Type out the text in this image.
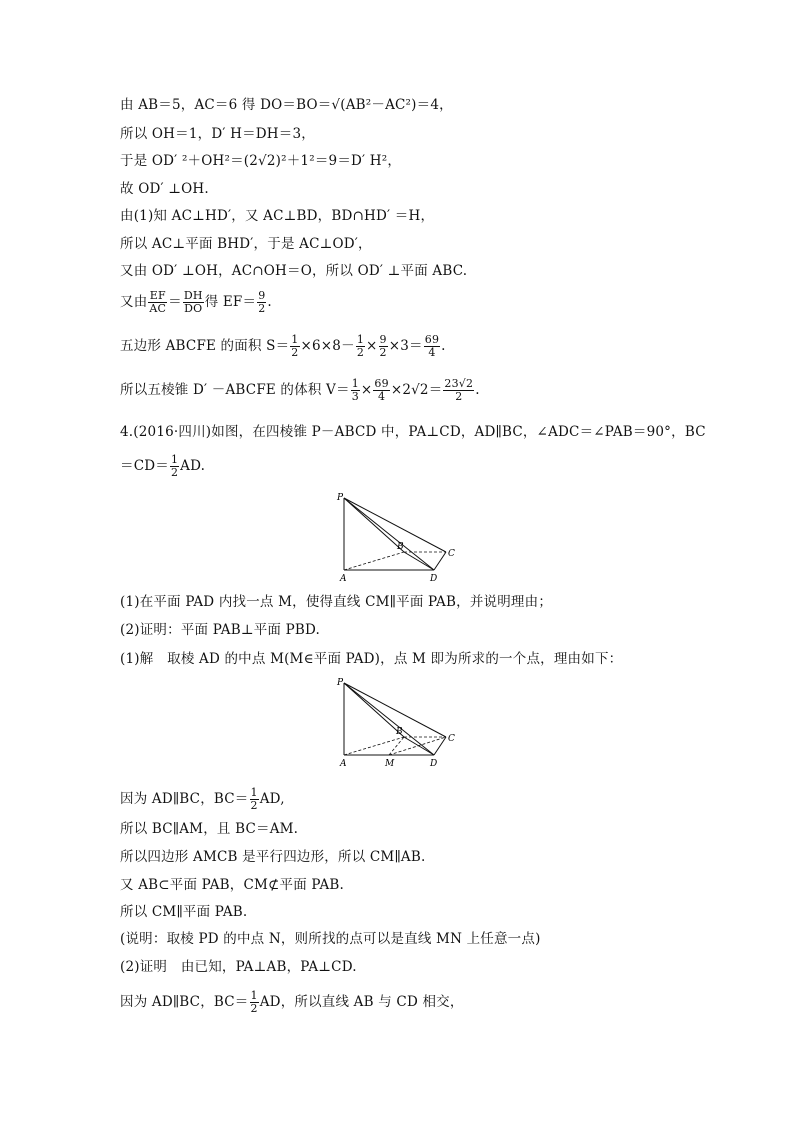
由 AB＝5，AC＝6 得 DO＝BO＝√(AB²－AC²)＝4，
所以 OH＝1，D′ H＝DH＝3，
于是 OD′ ²＋OH²＝(2√2)²＋1²＝9＝D′ H²，
故 OD′ ⊥OH.
由(1)知 AC⊥HD′，又 AC⊥BD，BD∩HD′ ＝H，
所以 AC⊥平面 BHD′，于是 AC⊥OD′，
又由 OD′ ⊥OH，AC∩OH＝O，所以 OD′ ⊥平面 ABC.
又由 $\frac{EF}{AC} = \frac{DH}{DO}$ 得 $EF= \frac{9}{2}$ .
五边形 ABCFE 的面积 $S= \frac{1}{2} \times 6\times 8- \frac{1}{2} \times \frac{9}{2} \times 3= \frac{69}{4}$ .
所以五棱锥 D′ －ABCFE 的体积 $V= \frac{1}{3} \times \frac{69}{4} \times 2√2= \frac{23√2}{2}$ .
4.(2016·四川)如图，在四棱锥 P－ABCD 中，PA⊥CD，AD∥BC，∠ADC＝∠PAB＝90°，BC
$=CD= \frac{1}{2}$ AD.
P
A
B
C
D
(1)在平面 PAD 内找一点 M，使得直线 CM∥平面 PAB，并说明理由；
(2)证明：平面 PAB⊥平面 PBD.
(1)解　取棱 AD 的中点 M(M∈平面 PAD)，点 M 即为所求的一个点，理由如下：
P
A
B
C
D
M
因为 AD∥BC，$BC= \frac{1}{2}$ AD,
所以 BC∥AM，且 BC＝AM.
所以四边形 AMCB 是平行四边形，所以 CM∥AB.
又 AB⊂平面 PAB，CM⊄平面 PAB.
所以 CM∥平面 PAB.
(说明：取棱 PD 的中点 N，则所找的点可以是直线 MN 上任意一点)
(2)证明　由已知，PA⊥AB，PA⊥CD.
因为 AD∥BC，$BC= \frac{1}{2}$ AD，所以直线 AB 与 CD 相交，
